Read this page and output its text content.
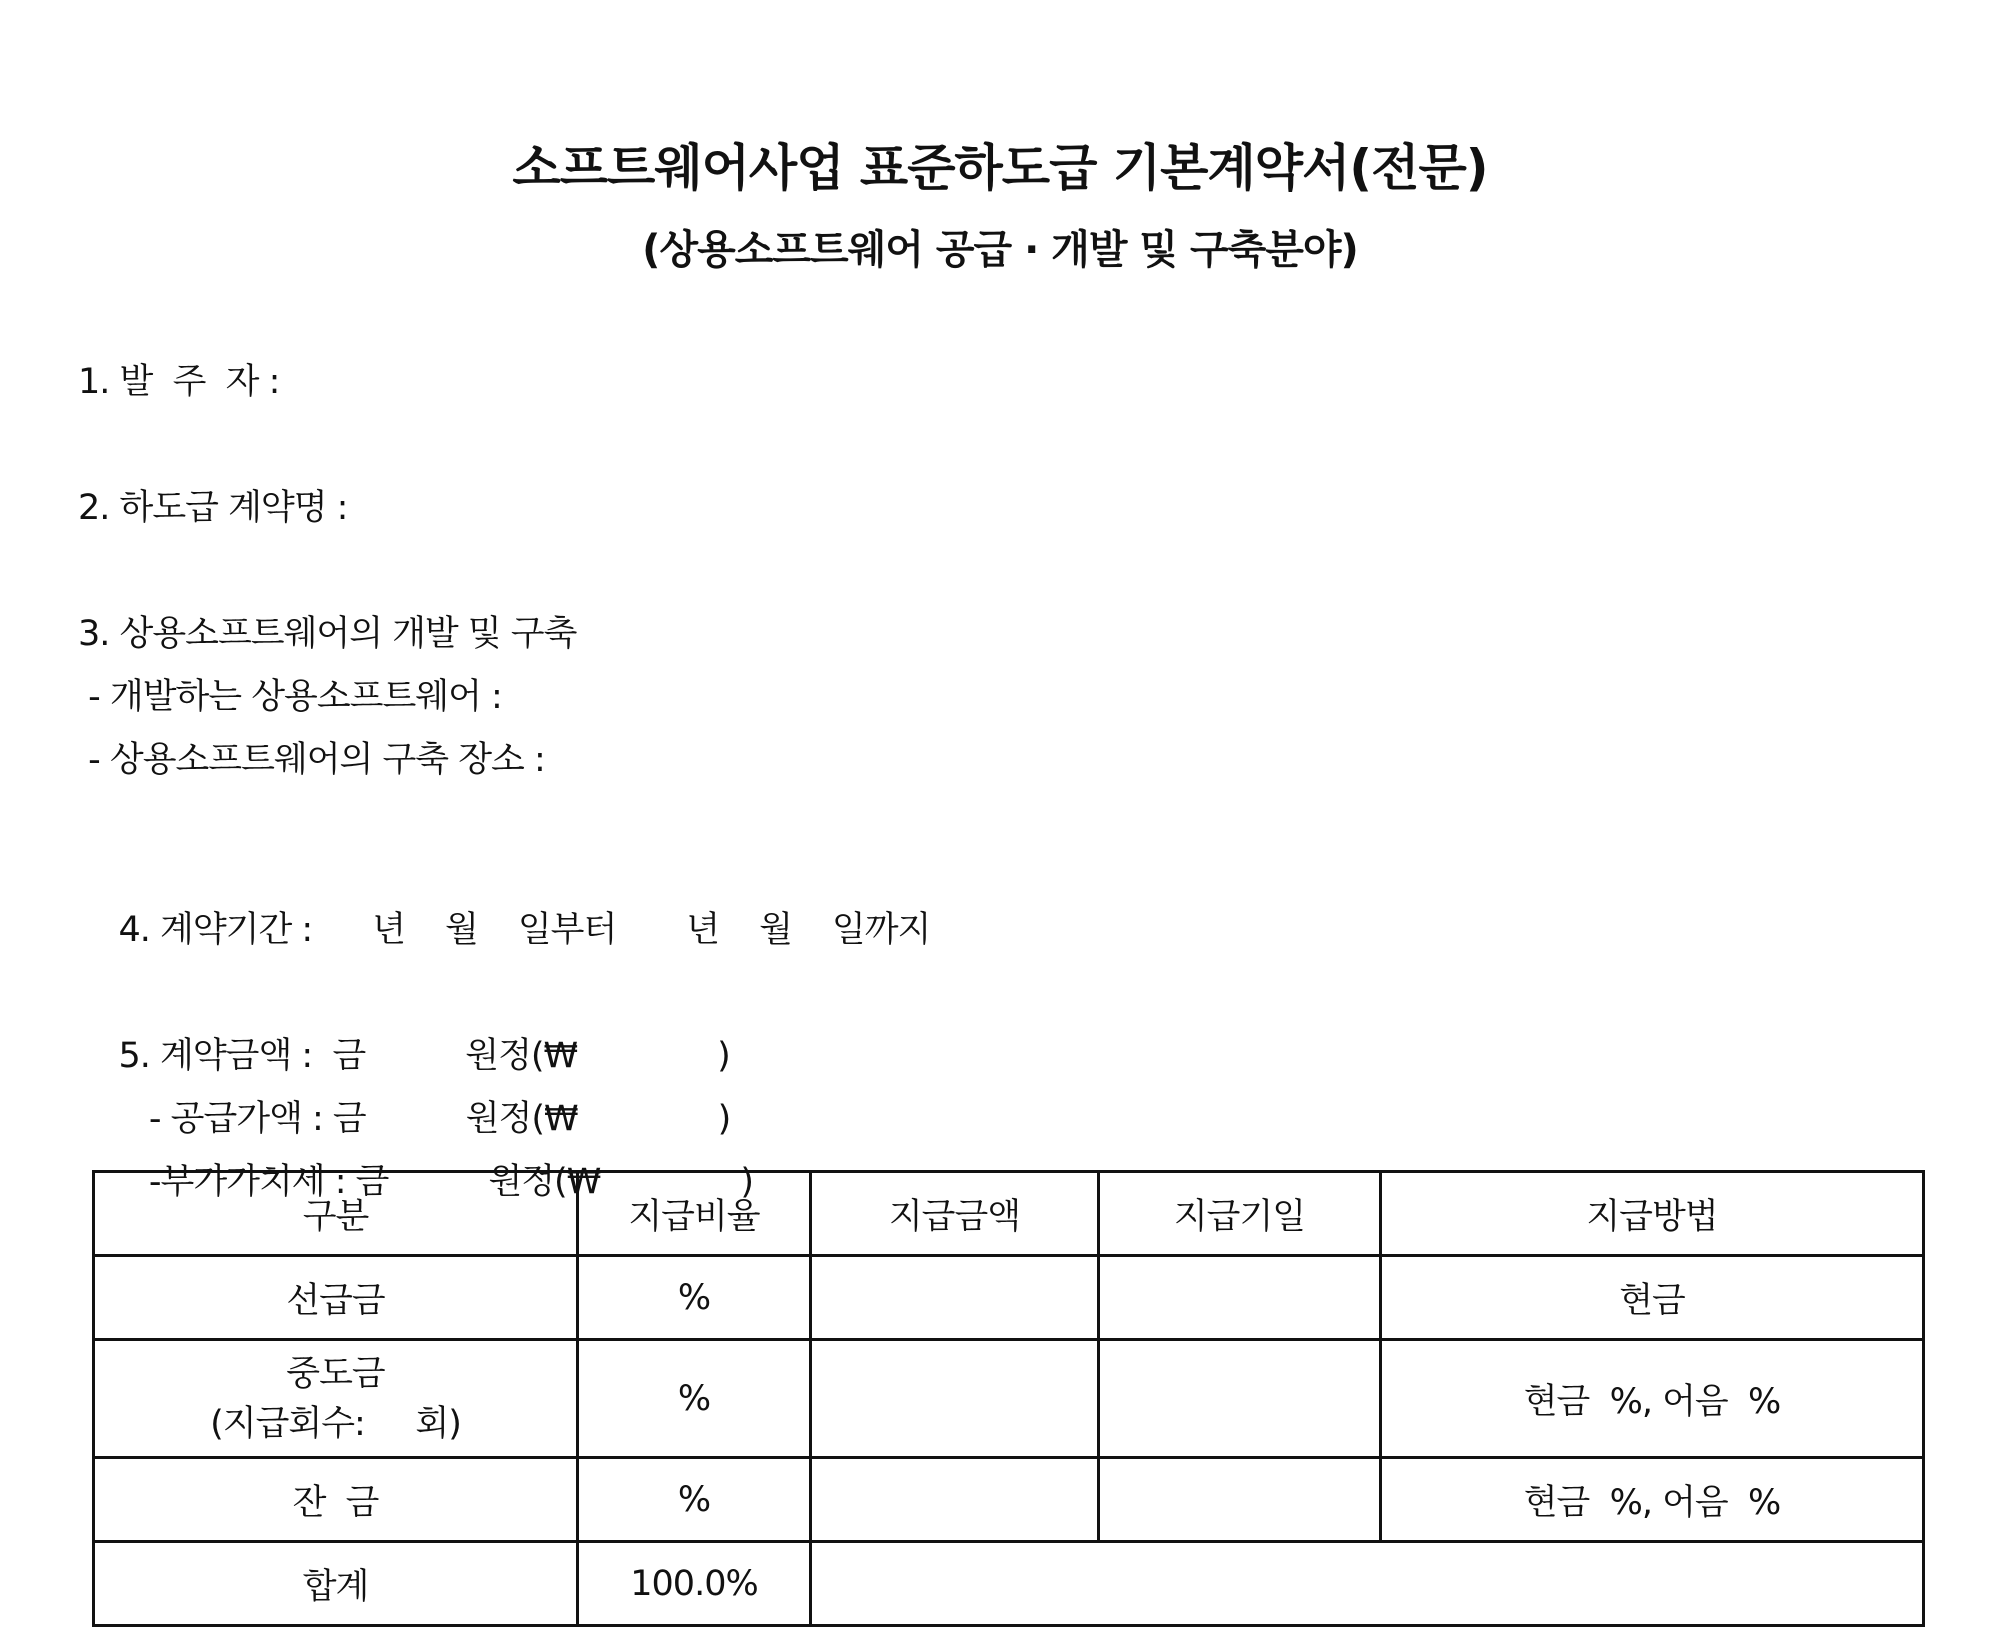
소프트웨어사업 표준하도급 기본계약서(전문)
(상용소프트웨어 공급 · 개발 및 구축분야)
1. 발  주  자 :
2. 하도급 계약명 :
3. 상용소프트웨어의 개발 및 구축
- 개발하는 상용소프트웨어 :
- 상용소프트웨어의 구축 장소 :

4. 계약기간 : 년 월 일부터 년 월 일까지

5. 계약금액 :  금	원정(₩	)

- 공급가액 : 금	원정(₩	)

-부가가치세 : 금	원정(₩	)

구분	지급비율	지급금액	지급기일	지급방법
선급금	%			현금

중도금
(지급회수:     회)	%			현금  %, 어음  %
잔  금	%			현금  %, 어음  %
합계	100.0%			
